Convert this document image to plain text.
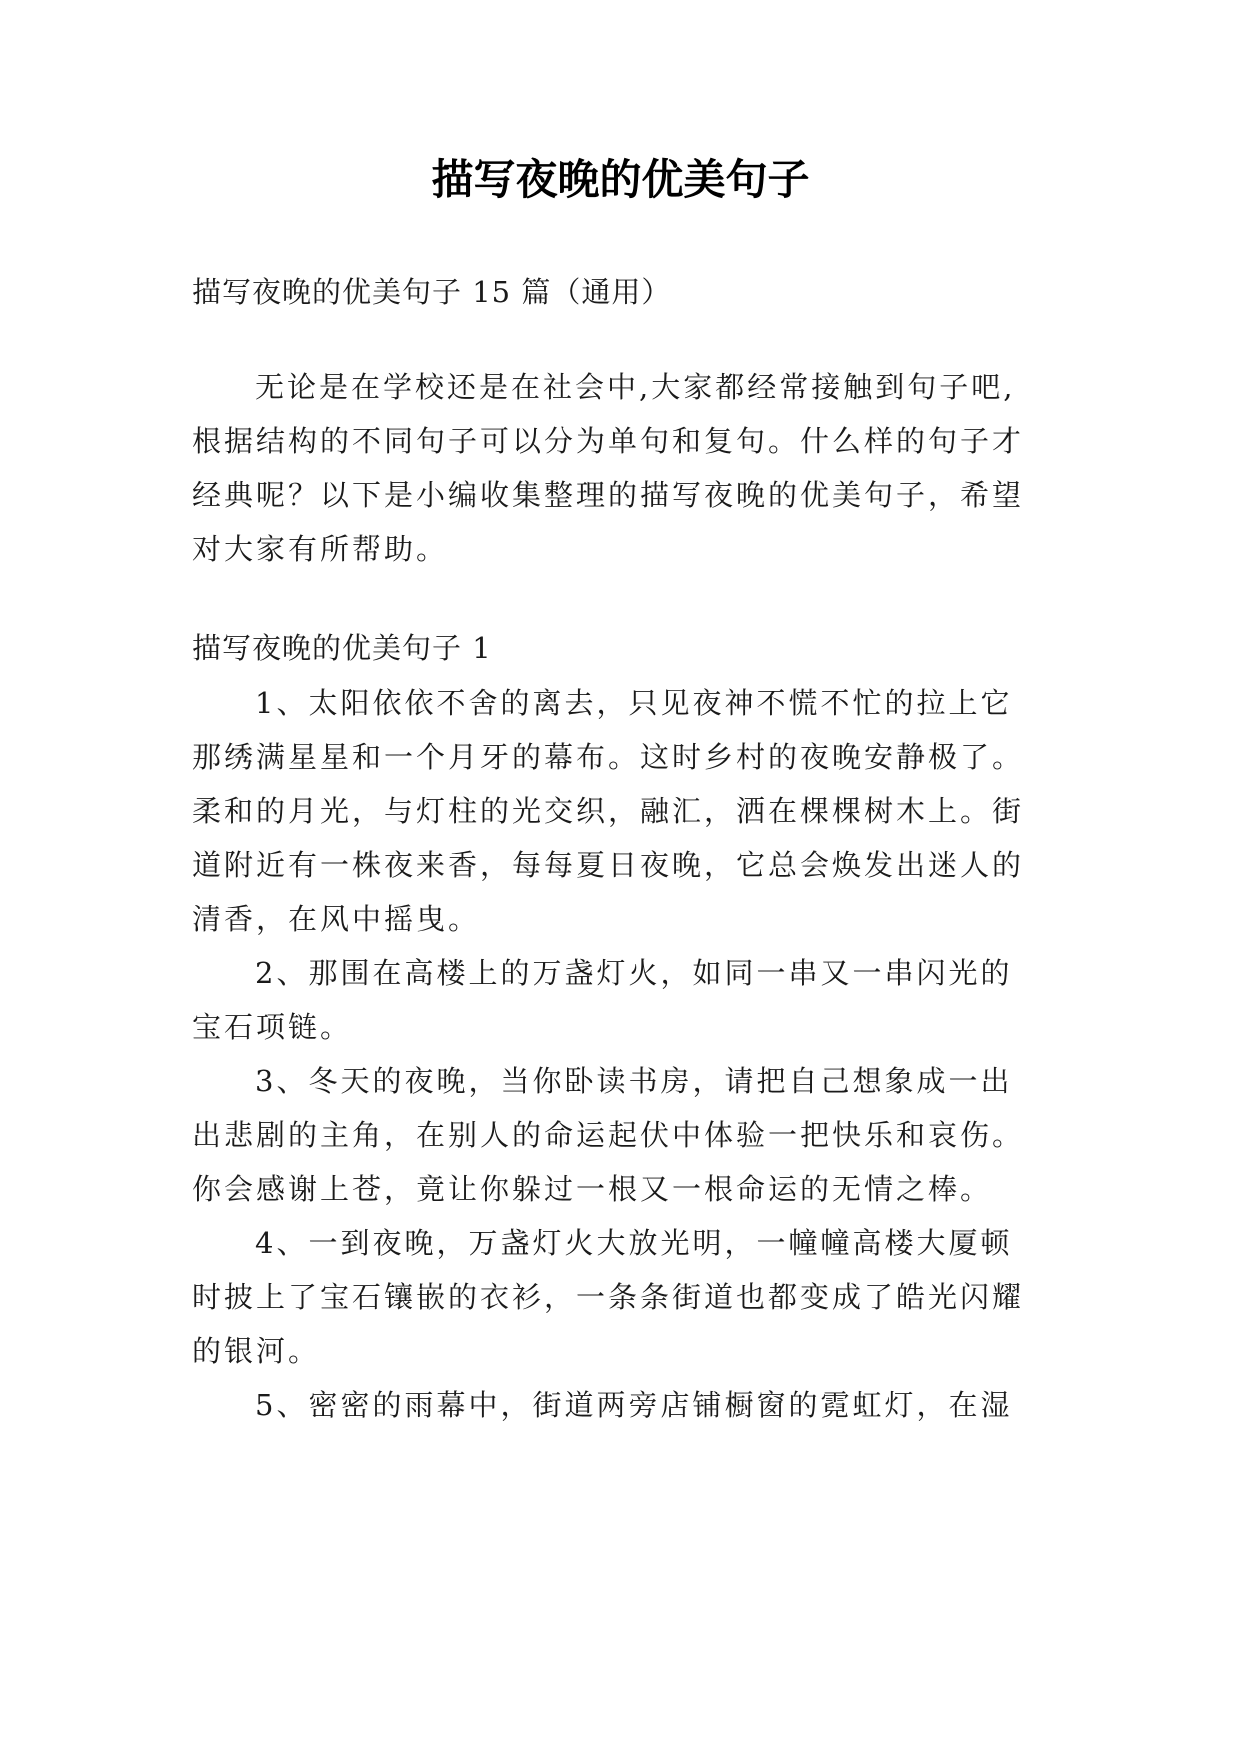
描写夜晚的优美句子

描写夜晚的优美句子 15 篇（通用）

无论是在学校还是在社会中,大家都经常接触到句子吧,

根据结构的不同句子可以分为单句和复句。什么样的句子才

经典呢？以下是小编收集整理的描写夜晚的优美句子，希望

对大家有所帮助。

描写夜晚的优美句子 1

1、太阳依依不舍的离去，只见夜神不慌不忙的拉上它

那绣满星星和一个月牙的幕布。这时乡村的夜晚安静极了。

柔和的月光，与灯柱的光交织，融汇，洒在棵棵树木上。街

道附近有一株夜来香，每每夏日夜晚，它总会焕发出迷人的

清香，在风中摇曳。

2、那围在高楼上的万盏灯火，如同一串又一串闪光的

宝石项链。

3、冬天的夜晚，当你卧读书房，请把自己想象成一出

出悲剧的主角，在别人的命运起伏中体验一把快乐和哀伤。

你会感谢上苍，竟让你躲过一根又一根命运的无情之棒。

4、一到夜晚，万盏灯火大放光明，一幢幢高楼大厦顿

时披上了宝石镶嵌的衣衫，一条条街道也都变成了皓光闪耀

的银河。

5、密密的雨幕中，街道两旁店铺橱窗的霓虹灯，在湿
